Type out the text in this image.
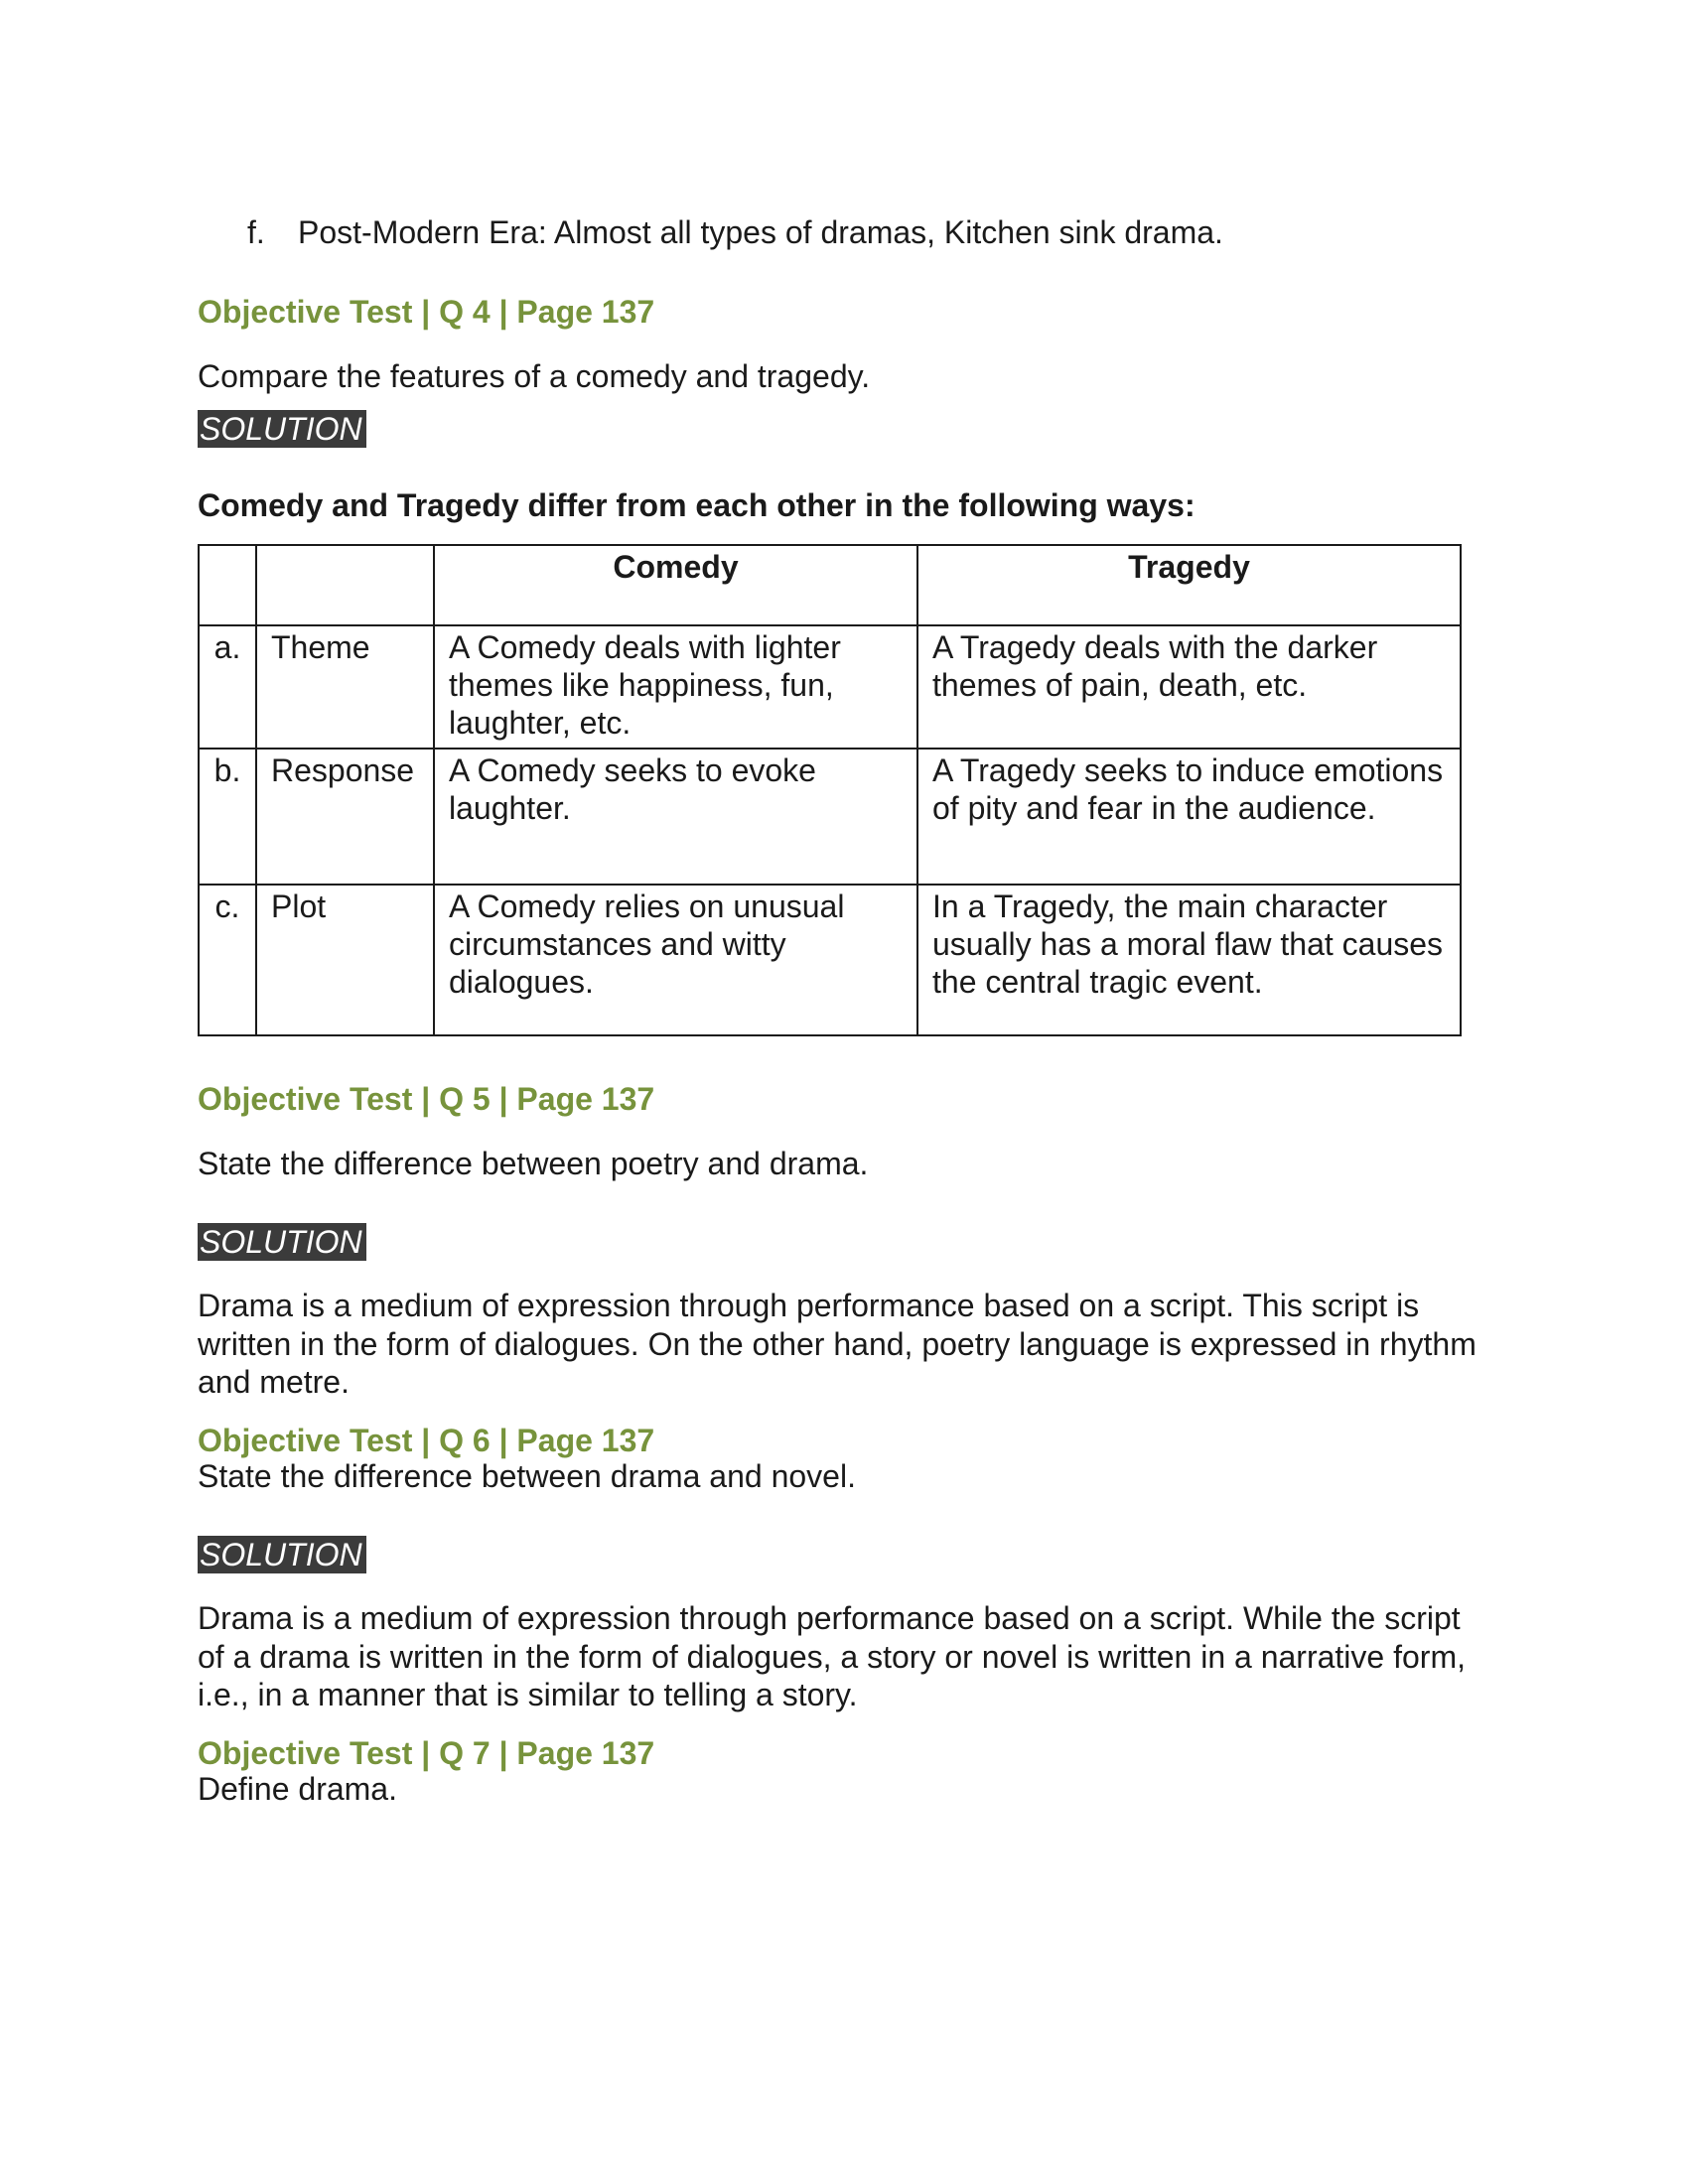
f. Post-Modern Era: Almost all types of dramas, Kitchen sink drama.
Objective Test | Q 4 | Page 137
Compare the features of a comedy and tragedy.
SOLUTION
Comedy and Tragedy differ from each other in the following ways:
		Comedy	Tragedy
a.	Theme	A Comedy deals with lighter themes like happiness, fun, laughter, etc.	A Tragedy deals with the darker themes of pain, death, etc.
b.	Response	A Comedy seeks to evoke laughter.	A Tragedy seeks to induce emotions of pity and fear in the audience.
c.	Plot	A Comedy relies on unusual circumstances and witty dialogues.	In a Tragedy, the main character usually has a moral flaw that causes the central tragic event.
Objective Test | Q 5 | Page 137
State the difference between poetry and drama.
SOLUTION
Drama is a medium of expression through performance based on a script. This script is written in the form of dialogues. On the other hand, poetry language is expressed in rhythm and metre.
Objective Test | Q 6 | Page 137
State the difference between drama and novel.
SOLUTION
Drama is a medium of expression through performance based on a script. While the script of a drama is written in the form of dialogues, a story or novel is written in a narrative form, i.e., in a manner that is similar to telling a story.
Objective Test | Q 7 | Page 137
Define drama.
